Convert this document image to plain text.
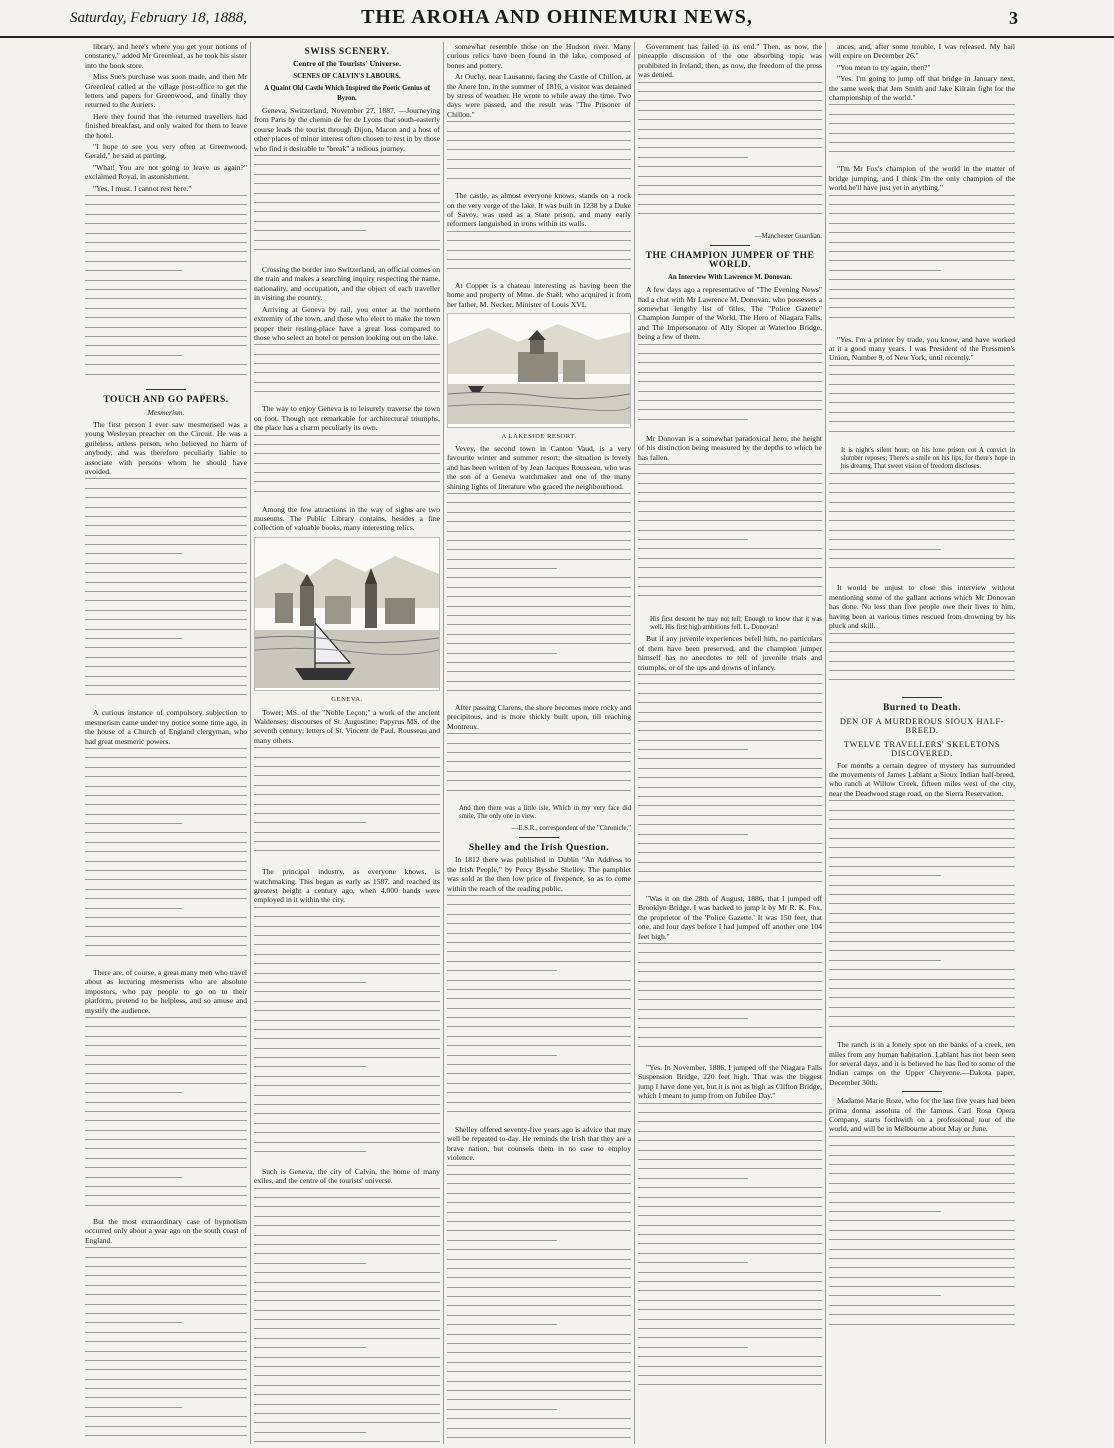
Saturday, February 18, 1888,	THE AROHA AND OHINEMURI NEWS,	3

library, and here's where you get your notions of constancy," added Mr Greenleaf, as he took his sister into the book store.

Miss Sue's purchase was soon made, and then Mr Greenleaf called at the village post-office to get the letters and papers for Greenwood, and finally they returned to the Auriers.

Here they found that the returned travellers had finished breakfast, and only waited for them to leave the hotel.

"I hope to see you very often at Greenwood, Gerald," he said at parting.

"What! You are not going to leave us again?" exclaimed Royal, in astonishment.

"Yes, I must. I cannot rest here."

TOUCH AND GO PAPERS.
Mesmerism.

The first person I ever saw mesmerised was a young Wesleyan preacher on the Circuit. He was a guileless, artless person, who believed no harm of anybody, and was therefore peculiarly liable to associate with persons whom he should have avoided.

A curious instance of compulsory subjection to mesmerism came under my notice some time ago, in the house of a Church of England clergyman, who had great mesmeric powers.

There are, of course, a great many men who travel about as lecturing mesmerists who are absolute impostors, who pay people to go on to their platform, pretend to be helpless, and so amuse and mystify the audience.

But the most extraordinary case of hypnotism occurred only about a year ago on the south coast of England.

SWISS SCENERY.
Centre of the Tourists' Universe.
SCENES OF CALVIN'S LABOURS.
A Quaint Old Castle Which Inspired the Poetic Genius of Byron.

Geneva, Switzerland, November 27, 1887. —Journeying from Paris by the chemin de fer de Lyons that south-easterly course leads the tourist through Dijon, Macon and a host of other places of minor interest often chosen to rest in by those who find it desirable to "break" a tedious journey.

Crossing the border into Switzerland, an official comes on the train and makes a searching inquiry respecting the name, nationality, and occupation, and the object of each traveller in visiting the country.

Arriving at Geneva by rail, you enter at the northern extremity of the town, and those who elect to make the town proper their resting-place have a great loss compared to those who select an hotel or pension looking out on the lake.

The way to enjoy Geneva is to leisurely traverse the town on foot. Though not remarkable for architectural triumphs, the place has a charm peculiarly its own.

Among the few attractions in the way of sights are two museums. The Public Library contains, besides a fine collection of valuable books, many interesting relics.

GENEVA.

Tower; MS. of the "Noble Leçon;" a work of the ancient Waldenses; discourses of St. Augustine; Papyrus MS. of the seventh century; letters of St. Vincent de Paul, Rousseau and many others.

The principal industry, as everyone knows, is watchmaking. This began as early as 1587, and reached its greatest height a century ago, when 4,000 hands were employed in it within the city.

Such is Geneva, the city of Calvin, the home of many exiles, and the centre of the tourists' universe.

somewhat resemble those on the Hudson river. Many curious relics have been found in the lake, composed of bones and pottery.

At Ouchy, near Lausanne, facing the Castle of Chillon, at the Anere Inn, in the summer of 1816, a visitor was detained by stress of weather. He wrote to while away the time. Two days were passed, and the result was "The Prisoner of Chillon."

The castle, as almost everyone knows, stands on a rock on the very verge of the lake. It was built in 1238 by a Duke of Savoy, was used as a State prison, and many early reformers languished in irons within its walls.

At Coppet is a chateau interesting as having been the home and property of Mme. de Staël, who acquired it from her father, M. Necker, Minister of Louis XVI.

A LAKESIDE RESORT.

Vevey, the second town in Canton Vaud, is a very favourite winter and summer resort; the situation is lovely and has been written of by Jean Jacques Rousseau, who was the son of a Geneva watchmaker and one of the many shining lights of literature who graced the neighbourhood.

After passing Clarens, the shore becomes more rocky and precipitous, and is more thickly built upon, till reaching Montreux.

And then there was a little isle, Which in my very face did smile, The only one in view.

—E.S.R., correspondent of the "Chronicle."
Shelley and the Irish Question.

In 1812 there was published in Dublin "An Address to the Irish People," by Percy Bysshe Shelley. The pamphlet was sold at the then low price of fivepence, so as to come within the reach of the reading public.

Shelley offered seventy-five years ago is advice that may well be repeated to-day. He reminds the Irish that they are a brave nation, but counsels them in no case to employ violence.

Government has failed in its end." Then, as now, the pineapple discussion of the one absorbing topic was prohibited in Ireland; then, as now, the freedom of the press was denied.

—Manchester Guardian.
THE CHAMPION JUMPER OF THE WORLD.
An Interview With Lawrence M. Donovan.

A few days ago a representative of "The Evening News" had a chat with Mr Lawrence M. Donovan, who possesses a somewhat lengthy list of titles, The "Police Gazette" Champion Jumper of the World, The Hero of Niagara Falls, and The Impersonator of Ally Sloper at Waterloo Bridge, being a few of them.

Mr Donovan is a somewhat paradoxical hero, the height of his distinction being measured by the depths to which he has fallen.

His first descent he may not tell; Enough to know that it was well. His first high ambitions fell. L. Donovan!

But if any juvenile experiences befell him, no particulars of them have been preserved, and the champion jumper himself has no anecdotes to tell of juvenile trials and triumphs, or of the ups and downs of infancy.

"Was it on the 28th of August, 1886, that I jumped off Brooklyn Bridge. I was backed to jump it by Mr R. K. Fox, the proprietor of the 'Police Gazette.' It was 150 feet, that one, and four days before I had jumped off another one 104 feet high."

"Yes. In November, 1886, I jumped off the Niagara Falls Suspension Bridge, 220 feet high. That was the biggest jump I have done yet, but it is not as high as Clifton Bridge, which I meant to jump from on Jubilee Day."

ances, and, after some trouble, I was released. My bail will expire on December 26."

"You mean to try again, then?"

"Yes. I'm going to jump off that bridge in January next, the same week that Jem Smith and Jake Kilrain fight for the championship of the world."

"I'm Mr Fox's champion of the world in the matter of bridge jumping, and I think I'm the only champion of the world he'll have just yet in anything."

"Yes. I'm a printer by trade, you know, and have worked at it a good many years. I was President of the Pressmen's Union, Number 9, of New York, until recently."

It is night's silent hour; on his lone prison cot A convict in slumber reposes; There's a smile on his lips, for there's hope in his dreams, That sweet vision of freedom discloses.

It would be unjust to close this interview without mentioning some of the gallant actions which Mr Donovan has done. No less than five people owe their lives to him, having been at various times rescued from drowning by his pluck and skill.

Burned to Death.
DEN OF A MURDEROUS SIOUX HALF-BREED.
TWELVE TRAVELLERS' SKELETONS DISCOVERED.

For months a certain degree of mystery has surrounded the movements of James Lablant a Sioux Indian half-breed, who ranch at Willow Creek, fifteen miles west of the city, near the Deadwood stage road, on the Sierra Reservation.

The ranch is in a lonely spot on the banks of a creek, ten miles from any human habitation. Lablant has not been seen for several days, and it is believed he has fled to some of the Indian camps on the Upper Cheyenne.—Dakota paper, December 30th.

Madame Marie Roze, who for the last five years had been prima donna assoluta of the famous Carl Rosa Opera Company, starts forthwith on a professional tour of the world, and will be in Melbourne about May or June.
